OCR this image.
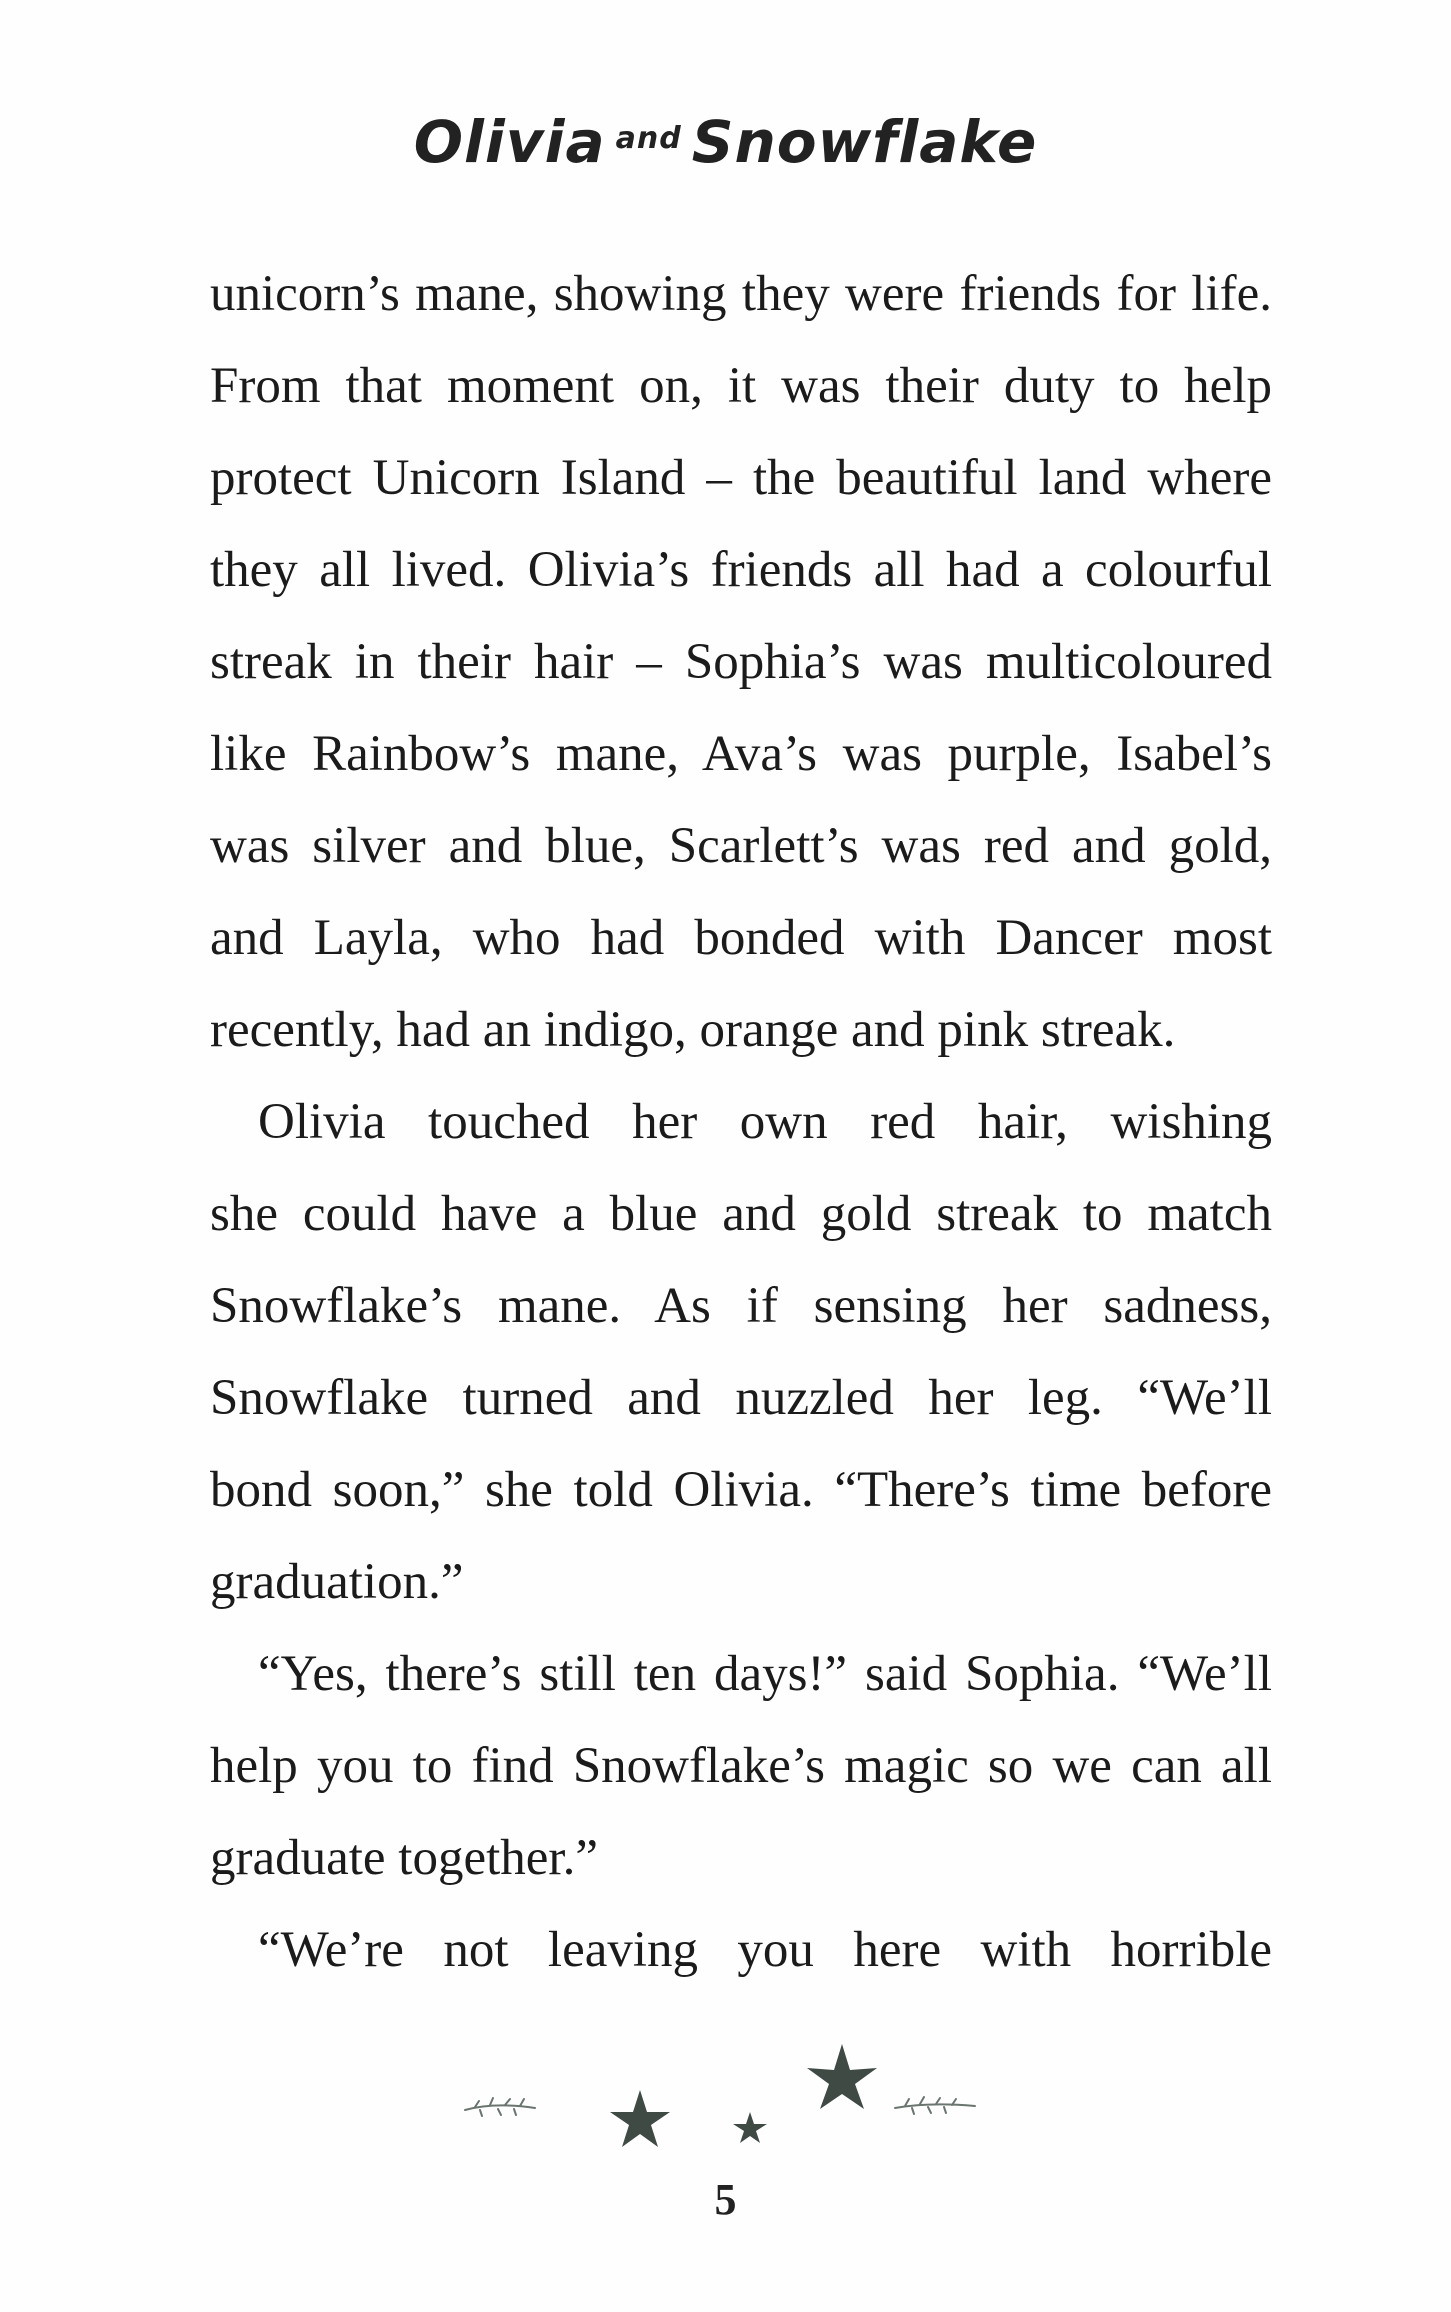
Olivia and Snowflake

unicorn’s mane, showing they were friends for life.
From that moment on, it was their duty to help
protect Unicorn Island – the beautiful land where
they all lived. Olivia’s friends all had a colourful
streak in their hair – Sophia’s was multicoloured
like Rainbow’s mane, Ava’s was purple, Isabel’s
was silver and blue, Scarlett’s was red and gold,
and Layla, who had bonded with Dancer most
recently, had an indigo, orange and pink streak.

Olivia touched her own red hair, wishing
she could have a blue and gold streak to match
Snowflake’s mane. As if sensing her sadness,
Snowflake turned and nuzzled her leg. “We’ll
bond soon,” she told Olivia. “There’s time before
graduation.”

“Yes, there’s still ten days!” said Sophia. “We’ll
help you to find Snowflake’s magic so we can all
graduate together.”

“We’re not leaving you here with horrible

5
